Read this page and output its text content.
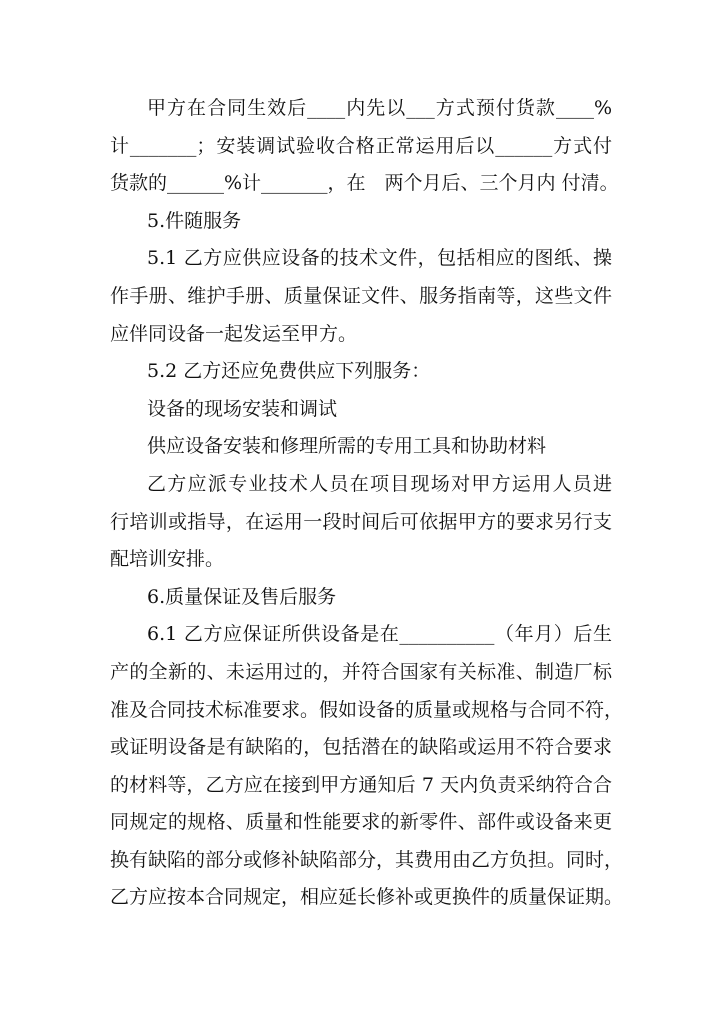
甲方在合同生效后____内先以___方式预付货款____%
计_______；安装调试验收合格正常运用后以______方式付
货款的______%计_______，在　两个月后、三个月内 付清。
5.件随服务
5.1 乙方应供应设备的技术文件，包括相应的图纸、操
作手册、维护手册、质量保证文件、服务指南等，这些文件
应伴同设备一起发运至甲方。
5.2 乙方还应免费供应下列服务：
设备的现场安装和调试
供应设备安装和修理所需的专用工具和协助材料
乙方应派专业技术人员在项目现场对甲方运用人员进
行培训或指导，在运用一段时间后可依据甲方的要求另行支
配培训安排。
6.质量保证及售后服务
6.1 乙方应保证所供设备是在__________（年月）后生
产的全新的、未运用过的，并符合国家有关标准、制造厂标
准及合同技术标准要求。假如设备的质量或规格与合同不符，
或证明设备是有缺陷的，包括潜在的缺陷或运用不符合要求
的材料等，乙方应在接到甲方通知后 7 天内负责采纳符合合
同规定的规格、质量和性能要求的新零件、部件或设备来更
换有缺陷的部分或修补缺陷部分，其费用由乙方负担。同时，
乙方应按本合同规定，相应延长修补或更换件的质量保证期。
